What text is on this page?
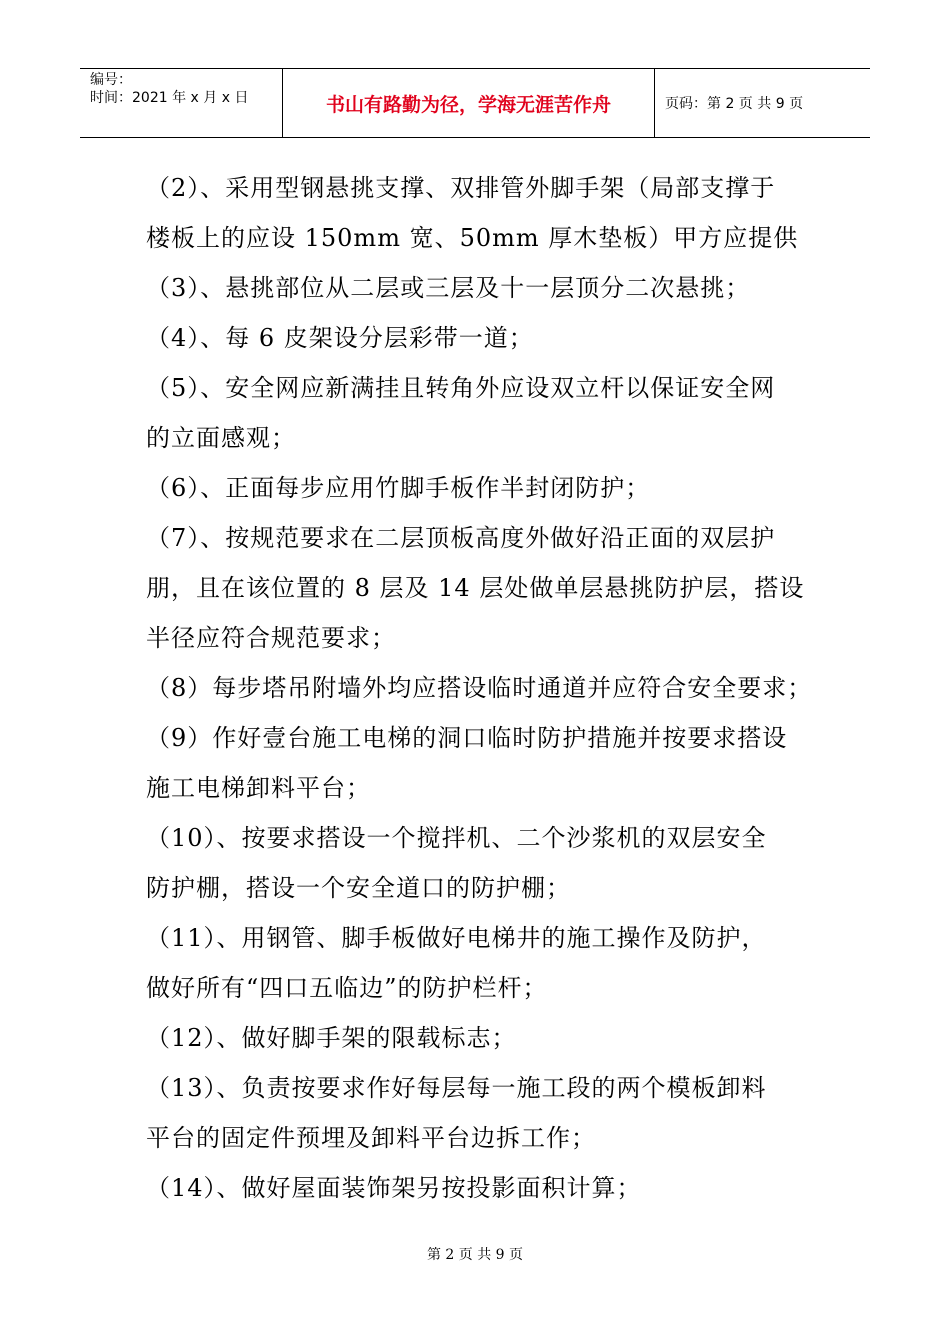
编号：
时间：2021 年 x 月 x 日	书山有路勤为径，学海无涯苦作舟	页码：第 2 页 共 9 页

（2）、采用型钢悬挑支撑、双排管外脚手架（局部支撑于
楼板上的应设 150mm 宽、50mm 厚木垫板）甲方应提供

（3）、悬挑部位从二层或三层及十一层顶分二次悬挑；

（4）、每 6 皮架设分层彩带一道；

（5）、安全网应新满挂且转角外应设双立杆以保证安全网
的立面感观；

（6）、正面每步应用竹脚手板作半封闭防护；

（7）、按规范要求在二层顶板高度外做好沿正面的双层护
朋，且在该位置的 8 层及 14 层处做单层悬挑防护层，搭设
半径应符合规范要求；

（8）每步塔吊附墙外均应搭设临时通道并应符合安全要求；

（9）作好壹台施工电梯的洞口临时防护措施并按要求搭设
施工电梯卸料平台；

（10）、按要求搭设一个搅拌机、二个沙浆机的双层安全
防护棚，搭设一个安全道口的防护棚；

（11）、用钢管、脚手板做好电梯井的施工操作及防护，
做好所有“四口五临边”的防护栏杆；

（12）、做好脚手架的限载标志；

（13）、负责按要求作好每层每一施工段的两个模板卸料
平台的固定件预埋及卸料平台边拆工作；

（14）、做好屋面装饰架另按投影面积计算；

第 2 页 共 9 页
